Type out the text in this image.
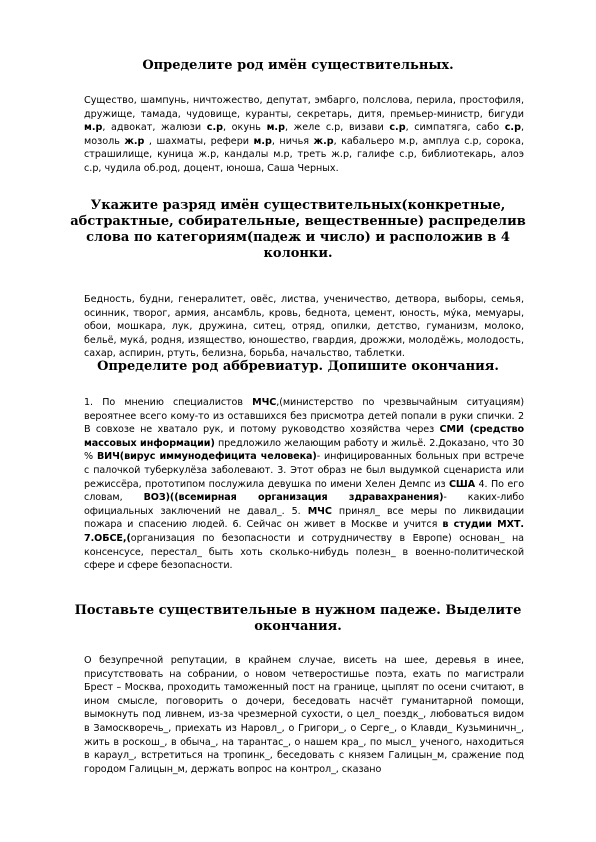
Определите род имён существительных.

Существо, шампунь, ничтожество, депутат, эмбарго, полслова, перила, простофиля, дружище, тамада, чудовище, куранты, секретарь, дитя, премьер-министр, бигуди м.р, адвокат, жалюзи с.р, окунь м.р, желе с.р, визави с.р, симпатяга, сабо с.р, мозоль ж.р , шахматы, рефери м.р, ничья ж.р, кабальеро м.р, амплуа с.р, сорока, страшилище, куница ж.р, кандалы м.р, треть ж.р, галифе с.р, библиотекарь, алоэ с.р, чудила об.род, доцент, юноша, Саша Черных.

Укажите разряд имён существительных(конкретные, абстрактные, собирательные, вещественные) распределив слова по категориям(падеж и число) и расположив в 4 колонки.

Бедность, будни, генералитет, овёс, листва, ученичество, детвора, выборы, семья, осинник, творог, армия, ансамбль, кровь, беднота, цемент, юность, му́ка, мемуары, обои, мошкара, лук, дружина, ситец, отряд, опилки, детство, гуманизм, молоко, бельё, мука́, родня, изящество, юношество, гвардия, дрожжи, молодёжь, молодость, сахар, аспирин, ртуть, белизна, борьба, начальство, таблетки.

Определите род аббревиатур. Допишите окончания.

1. По мнению специалистов МЧС,(министерство по чрезвычайным ситуациям) вероятнее всего кому-то из оставшихся без присмотра детей попали в руки спички. 2 В совхозе не хватало рук, и потому руководство хозяйства через СМИ (средство массовых информации) предложило желающим работу и жильё. 2.Доказано, что 30 % ВИЧ(вирус иммунодефицита человека)- инфицированных больных при встрече с палочкой туберкулёза заболевают. 3. Этот образ не был выдумкой сценариста или режиссёра, прототипом послужила девушка по имени Хелен Демпс из США 4. По его словам, ВОЗ)((всемирная организация здравахранения)- каких-либо официальных заключений не давал_. 5. МЧС принял_ все меры по ликвидации пожара и спасению людей. 6. Сейчас он живет в Москве и учится в студии МХТ. 7.ОБСЕ,(организация по безопасности и сотрудничеству в Европе) основан_ на консенсусе, перестал_ быть хоть сколько-нибудь полезн_ в военно-политической сфере и сфере безопасности.

Поставьте существительные в нужном падеже. Выделите окончания.

О безупречной репутации, в крайнем случае, висеть на шее, деревья в инее, присутствовать на собрании, о новом четверостишье поэта, ехать по магистрали Брест – Москва, проходить таможенный пост на границе, цыплят по осени считают, в ином смысле, поговорить о дочери, беседовать насчёт гуманитарной помощи, вымокнуть под ливнем, из-за чрезмерной сухости, о цел_ поездк_, любоваться видом в Замоскворечь_, приехать из Наровл_, о Григори_, о Серге_, о Клавди_ Кузьминичн_, жить в роскош_, в обыча_, на тарантас_, о нашем кра_, по мысл_ ученого, находиться в караул_, встретиться на тропинк_, беседовать с князем Галицын_м, сражение под городом Галицын_м, держать вопрос на контрол_, сказано
